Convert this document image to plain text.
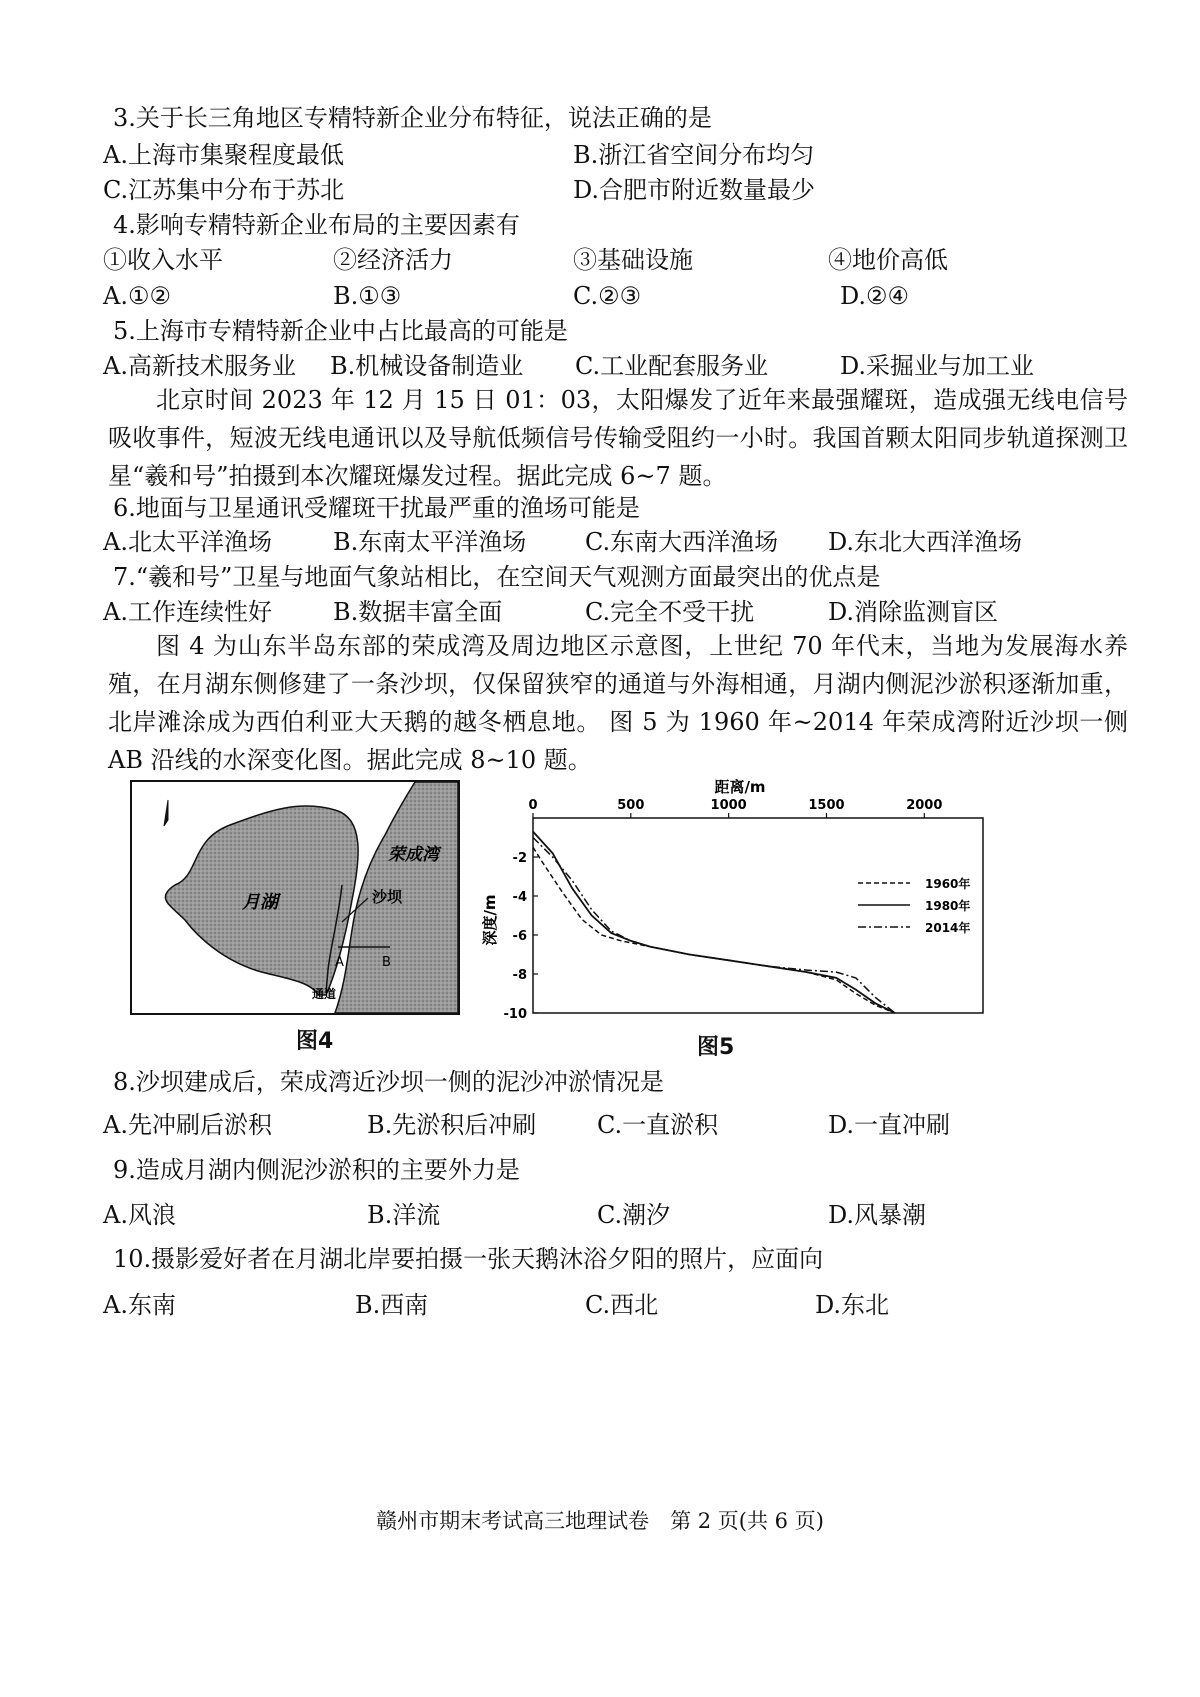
3.关于长三角地区专精特新企业分布特征，说法正确的是
A.上海市集聚程度最低	B.浙江省空间分布均匀
C.江苏集中分布于苏北	D.合肥市附近数量最少
4.影响专精特新企业布局的主要因素有
①收入水平	②经济活力	③基础设施	④地价高低
A.①②	B.①③	C.②③	D.②④
5.上海市专精特新企业中占比最高的可能是
A.高新技术服务业 B.机械设备制造业 C.工业配套服务业	D.采掘业与加工业
北京时间 2023 年 12 月 15 日 01：03，太阳爆发了近年来最强耀斑，造成强无线电信号吸收事件，短波无线电通讯以及导航低频信号传输受阻约一小时。我国首颗太阳同步轨道探测卫星“羲和号”拍摄到本次耀斑爆发过程。据此完成 6~7 题。
6.地面与卫星通讯受耀斑干扰最严重的渔场可能是
A.北太平洋渔场	B.东南太平洋渔场 C.东南大西洋渔场 D.东北大西洋渔场
7.“羲和号”卫星与地面气象站相比，在空间天气观测方面最突出的优点是
A.工作连续性好	B.数据丰富全面	C.完全不受干扰	D.消除监测盲区
图 4 为山东半岛东部的荣成湾及周边地区示意图，上世纪 70 年代末，当地为发展海水养殖，在月湖东侧修建了一条沙坝，仅保留狭窄的通道与外海相通，月湖内侧泥沙淤积逐渐加重，北岸滩涂成为西伯利亚大天鹅的越冬栖息地。 图 5 为 1960 年~2014 年荣成湾附近沙坝一侧 AB 沿线的水深变化图。据此完成 8~10 题。
荣成湾
月湖	沙坝
A	B
通道
图4
距离/m
深度/m
0	500	1000	1500	2000
-2
-4
-6
-8
-10
1960年
1980年
2014年
图5
8.沙坝建成后，荣成湾近沙坝一侧的泥沙冲淤情况是
A.先冲刷后淤积	B.先淤积后冲刷	C.一直淤积	D.一直冲刷
9.造成月湖内侧泥沙淤积的主要外力是
A.风浪	B.洋流	C.潮汐	D.风暴潮
10.摄影爱好者在月湖北岸要拍摄一张天鹅沐浴夕阳的照片，应面向
A.东南	B.西南	C.西北	D.东北
赣州市期末考试高三地理试卷　第 2 页(共 6 页)
